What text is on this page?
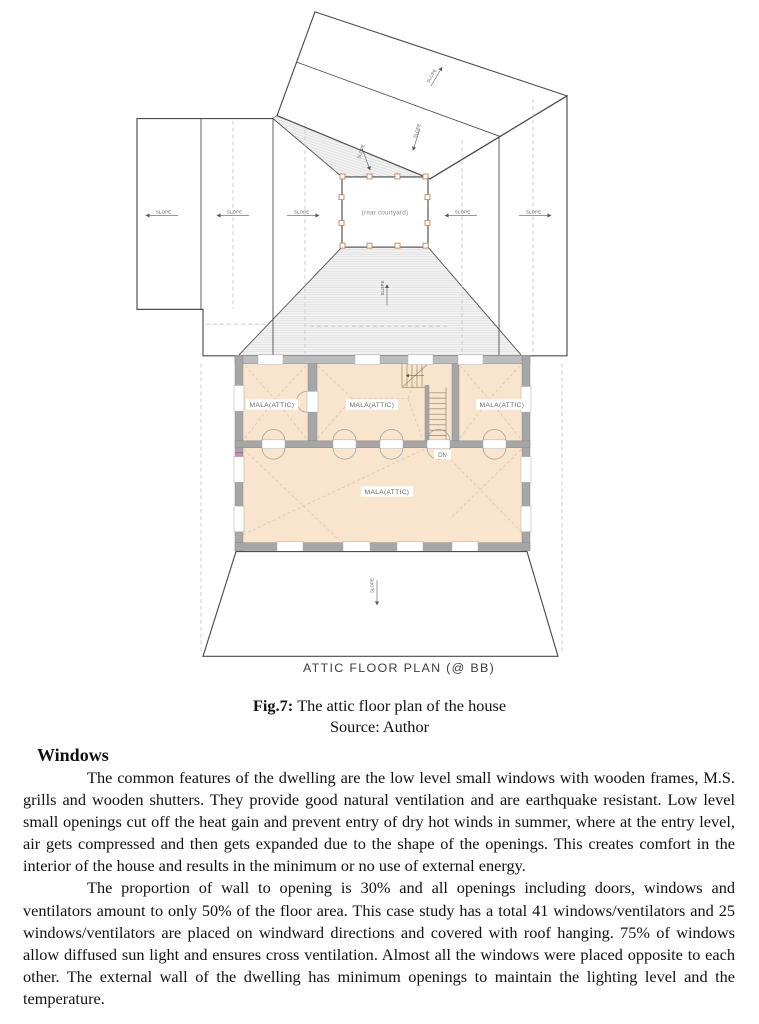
(rear courtyard)
SLOPE	SLOPE	SLOPE	SLOPE	SLOPE
SLOPE
SLOPE
SLOPE
SLOPE
MALA(ATTIC)	MALA(ATTIC)	MALA(ATTIC)
MALA(ATTIC)
DN
SLOPE
ATTIC FLOOR PLAN (@ BB)
Fig.7: The attic floor plan of the house
Source: Author
Windows

The common features of the dwelling are the low level small windows with wooden frames, M.S. grills and wooden shutters. They provide good natural ventilation and are earthquake resistant. Low level small openings cut off the heat gain and prevent entry of dry hot winds in summer, where at the entry level, air gets compressed and then gets expanded due to the shape of the openings. This creates comfort in the interior of the house and results in the minimum or no use of external energy.

The proportion of wall to opening is 30% and all openings including doors, windows and ventilators amount to only 50% of the floor area. This case study has a total 41 windows/ventilators and 25 windows/ventilators are placed on windward directions and covered with roof hanging. 75% of windows allow diffused sun light and ensures cross ventilation. Almost all the windows were placed opposite to each other. The external wall of the dwelling has minimum openings to maintain the lighting level and the temperature.
